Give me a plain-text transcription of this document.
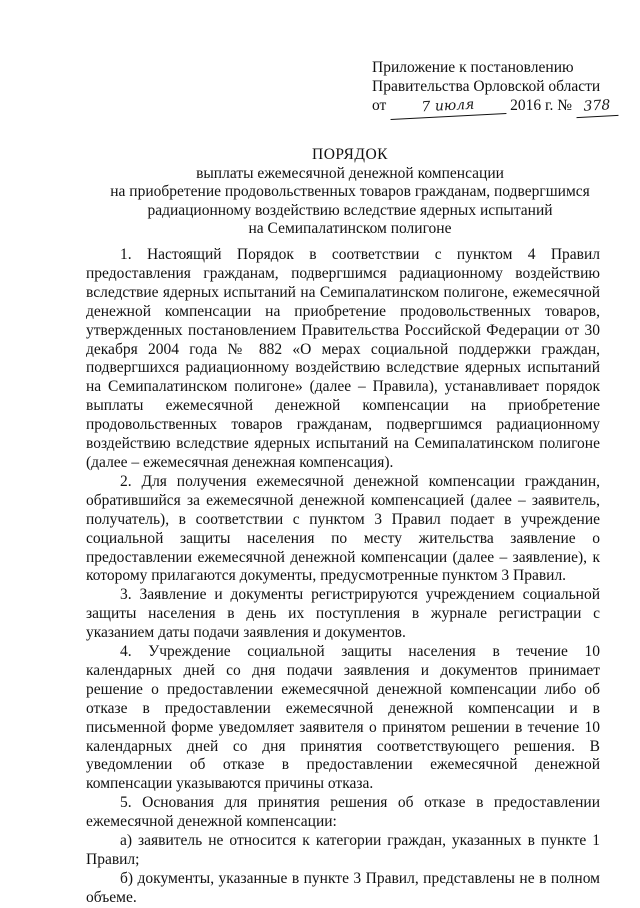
Приложение к постановлению
Правительства Орловской области
от 7 июля 2016 г. № 378
ПОРЯДОК
выплаты ежемесячной денежной компенсации
на приобретение продовольственных товаров гражданам, подвергшимся
радиационному воздействию вследствие ядерных испытаний
на Семипалатинском полигоне

1. Настоящий Порядок в соответствии с пунктом 4 Правил предоставления гражданам, подвергшимся радиационному воздействию вследствие ядерных испытаний на Семипалатинском полигоне, ежемесячной денежной компенсации на приобретение продовольственных товаров, утвержденных постановлением Правительства Российской Федерации от 30 декабря 2004 года № 882 «О мерах социальной поддержки граждан, подвергшихся радиационному воздействию вследствие ядерных испытаний на Семипалатинском полигоне» (далее – Правила), устанавливает порядок выплаты ежемесячной денежной компенсации на приобретение продовольственных товаров гражданам, подвергшимся радиационному воздействию вследствие ядерных испытаний на Семипалатинском полигоне (далее – ежемесячная денежная компенсация).

2. Для получения ежемесячной денежной компенсации гражданин, обратившийся за ежемесячной денежной компенсацией (далее – заявитель, получатель), в соответствии с пунктом 3 Правил подает в учреждение социальной защиты населения по месту жительства заявление о предоставлении ежемесячной денежной компенсации (далее – заявление), к которому прилагаются документы, предусмотренные пунктом 3 Правил.

3. Заявление и документы регистрируются учреждением социальной защиты населения в день их поступления в журнале регистрации с указанием даты подачи заявления и документов.

4. Учреждение социальной защиты населения в течение 10 календарных дней со дня подачи заявления и документов принимает решение о предоставлении ежемесячной денежной компенсации либо об отказе в предоставлении ежемесячной денежной компенсации и в письменной форме уведомляет заявителя о принятом решении в течение 10 календарных дней со дня принятия соответствующего решения. В уведомлении об отказе в предоставлении ежемесячной денежной компенсации указываются причины отказа.

5. Основания для принятия решения об отказе в предоставлении ежемесячной денежной компенсации:

а) заявитель не относится к категории граждан, указанных в пункте 1 Правил;

б) документы, указанные в пункте 3 Правил, представлены не в полном объеме.
